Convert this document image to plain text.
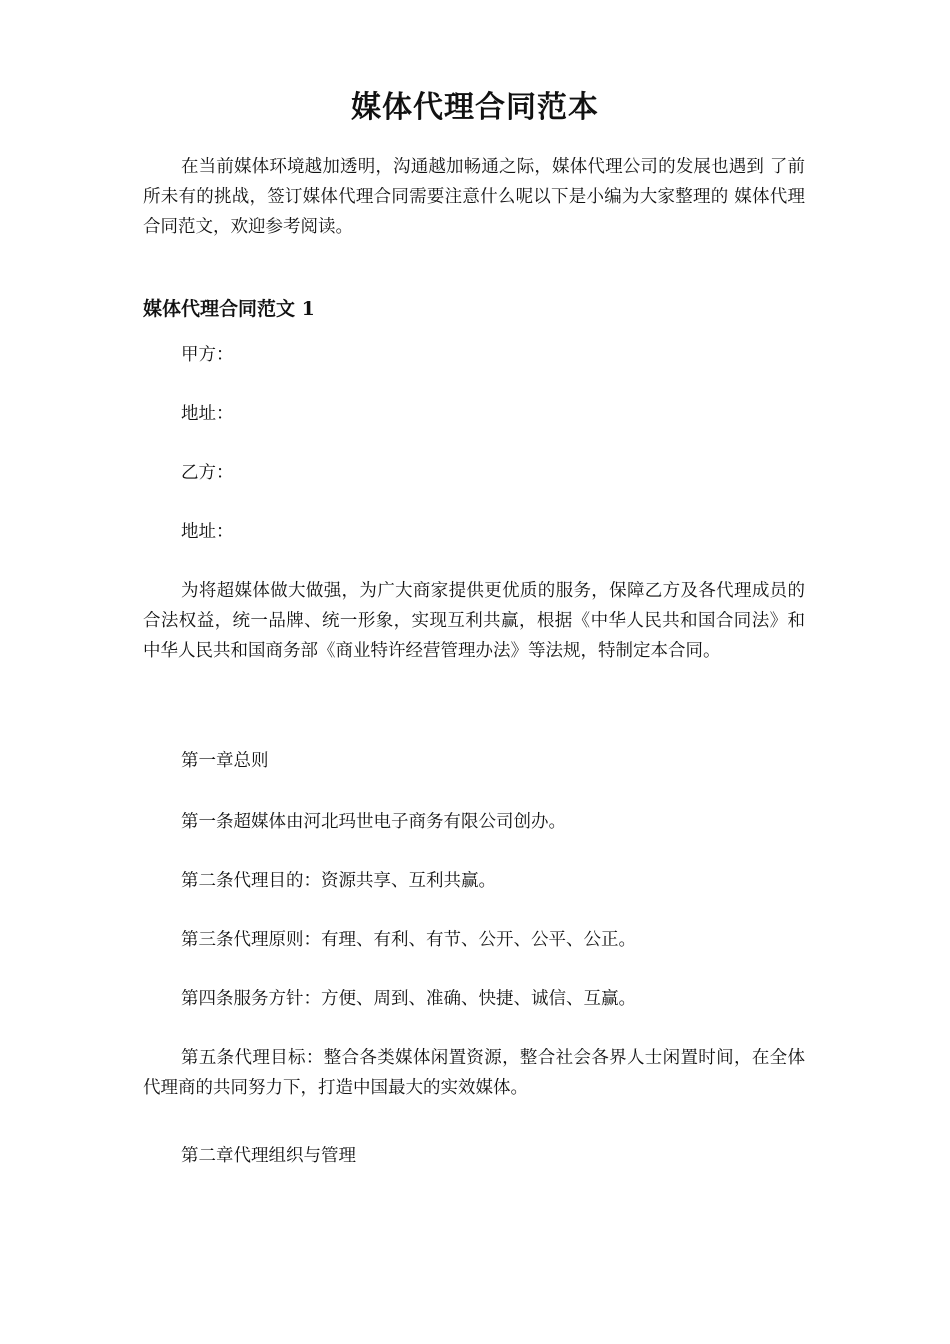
媒体代理合同范本

在当前媒体环境越加透明，沟通越加畅通之际，媒体代理公司的发展也遇到 了前所未有的挑战，签订媒体代理合同需要注意什么呢以下是小编为大家整理的 媒体代理合同范文，欢迎参考阅读。

媒体代理合同范文 1

甲方：

地址：

乙方：

地址：

为将超媒体做大做强，为广大商家提供更优质的服务，保障乙方及各代理成员的合法权益，统一品牌、统一形象，实现互利共赢，根据《中华人民共和国合同法》和中华人民共和国商务部《商业特许经营管理办法》等法规，特制定本合同。

第一章总则

第一条超媒体由河北玛世电子商务有限公司创办。

第二条代理目的：资源共享、互利共赢。

第三条代理原则：有理、有利、有节、公开、公平、公正。

第四条服务方针：方便、周到、准确、快捷、诚信、互赢。

第五条代理目标：整合各类媒体闲置资源，整合社会各界人士闲置时间，在全体代理商的共同努力下，打造中国最大的实效媒体。

第二章代理组织与管理
